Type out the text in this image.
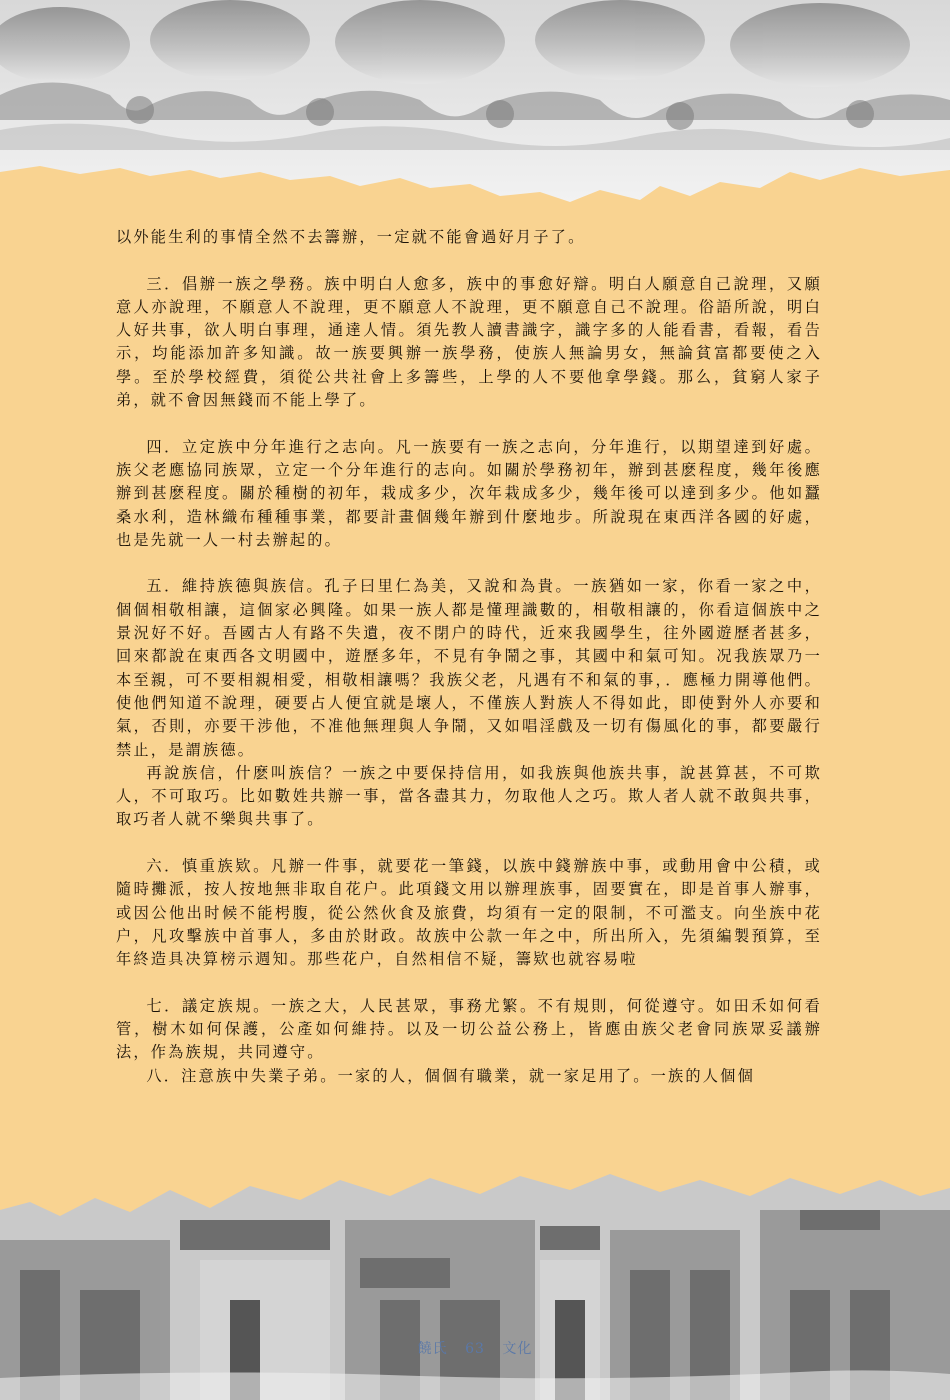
以外能生利的事情全然不去籌辦，一定就不能會過好月子了。

三．倡辦一族之學務。族中明白人愈多，族中的事愈好辯。明白人願意自己說理，又願意人亦說理，不願意人不說理，更不願意人不說理，更不願意自己不說理。俗語所說，明白人好共事，欲人明白事理，通達人情。須先教人讀書識字，識字多的人能看書，看報，看告示，均能添加許多知識。故一族要興辦一族學務，使族人無論男女，無論貧富都要使之入學。至於學校經費，須從公共社會上多籌些，上學的人不要他拿學錢。那么，貧窮人家子弟，就不會因無錢而不能上學了。

四．立定族中分年進行之志向。凡一族要有一族之志向，分年進行，以期望達到好處。族父老應協同族眾，立定一个分年進行的志向。如關於學務初年，辦到甚麽程度，幾年後應辦到甚麽程度。關於種樹的初年，栽成多少，次年栽成多少，幾年後可以達到多少。他如蠶桑水利，造林織布種種事業，都要計畫個幾年辦到什麼地步。所說現在東西洋各國的好處，也是先就一人一村去辦起的。

五．維持族德與族信。孔子曰里仁為美，又說和為貴。一族猶如一家，你看一家之中，個個相敬相讓，這個家必興隆。如果一族人都是懂理識數的，相敬相讓的，你看這個族中之景況好不好。吾國古人有路不失遺，夜不閉户的時代，近來我國學生，往外國遊歷者甚多，回來都說在東西各文明國中，遊歷多年，不見有争鬧之事，其國中和氣可知。况我族眾乃一本至親，可不要相親相愛，相敬相讓嗎？我族父老，凡遇有不和氣的事，．應極力開導他們。使他們知道不說理，硬要占人便宜就是壞人，不僅族人對族人不得如此，即使對外人亦要和氣，否則，亦要干涉他，不准他無理與人争鬧，又如唱淫戲及一切有傷風化的事，都要嚴行禁止，是謂族德。

再說族信，什麽叫族信？一族之中要保持信用，如我族與他族共事，說甚算甚，不可欺人，不可取巧。比如數姓共辦一事，當各盡其力，勿取他人之巧。欺人者人就不敢與共事，取巧者人就不樂與共事了。

六．慎重族欵。凡辦一件事，就要花一筆錢，以族中錢辦族中事，或動用會中公積，或隨時攤派，按人按地無非取自花户。此項錢文用以辦理族事，固要實在，即是首事人辦事，或因公他出时候不能枵腹，從公然伙食及旅費，均須有一定的限制，不可濫支。向坐族中花户，凡攻擊族中首事人，多由於財政。故族中公款一年之中，所出所入，先須編製預算，至年終造具决算榜示週知。那些花户，自然相信不疑，籌欵也就容易啦

七．議定族規。一族之大，人民甚眾，事務尤繁。不有規則，何從遵守。如田禾如何看管，樹木如何保護，公產如何維持。以及一切公益公務上，皆應由族父老會同族眾妥議辦法，作為族規，共同遵守。

八．注意族中失業子弟。一家的人，個個有職業，就一家足用了。一族的人個個

饒氏 63 文化
